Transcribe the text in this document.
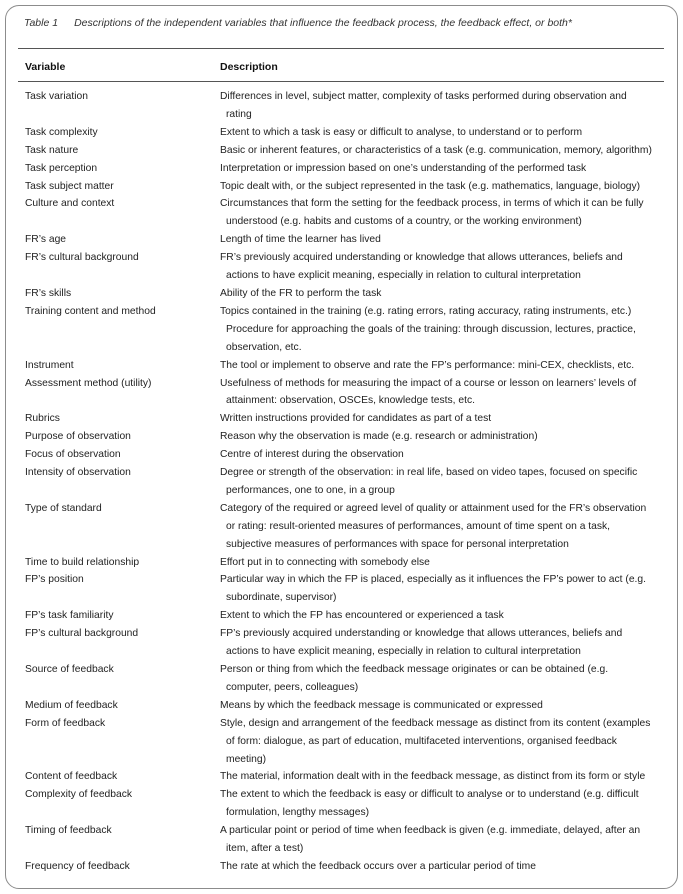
Table 1 Descriptions of the independent variables that influence the feedback process, the feedback effect, or both*
Variable	Description
Task variation	Differences in level, subject matter, complexity of tasks performed during observation and
rating
Task complexity	Extent to which a task is easy or difficult to analyse, to understand or to perform
Task nature	Basic or inherent features, or characteristics of a task (e.g. communication, memory, algorithm)
Task perception	Interpretation or impression based on one’s understanding of the performed task
Task subject matter	Topic dealt with, or the subject represented in the task (e.g. mathematics, language, biology)
Culture and context	Circumstances that form the setting for the feedback process, in terms of which it can be fully
understood (e.g. habits and customs of a country, or the working environment)
FR’s age	Length of time the learner has lived
FR’s cultural background	FR’s previously acquired understanding or knowledge that allows utterances, beliefs and
actions to have explicit meaning, especially in relation to cultural interpretation
FR’s skills	Ability of the FR to perform the task
Training content and method	Topics contained in the training (e.g. rating errors, rating accuracy, rating instruments, etc.)
Procedure for approaching the goals of the training: through discussion, lectures, practice,
observation, etc.
Instrument	The tool or implement to observe and rate the FP’s performance: mini-CEX, checklists, etc.
Assessment method (utility)	Usefulness of methods for measuring the impact of a course or lesson on learners’ levels of
attainment: observation, OSCEs, knowledge tests, etc.
Rubrics	Written instructions provided for candidates as part of a test
Purpose of observation	Reason why the observation is made (e.g. research or administration)
Focus of observation	Centre of interest during the observation
Intensity of observation	Degree or strength of the observation: in real life, based on video tapes, focused on specific
performances, one to one, in a group
Type of standard	Category of the required or agreed level of quality or attainment used for the FR’s observation
or rating: result-oriented measures of performances, amount of time spent on a task,
subjective measures of performances with space for personal interpretation
Time to build relationship	Effort put in to connecting with somebody else
FP’s position	Particular way in which the FP is placed, especially as it influences the FP’s power to act (e.g.
subordinate, supervisor)
FP’s task familiarity	Extent to which the FP has encountered or experienced a task
FP’s cultural background	FP’s previously acquired understanding or knowledge that allows utterances, beliefs and
actions to have explicit meaning, especially in relation to cultural interpretation
Source of feedback	Person or thing from which the feedback message originates or can be obtained (e.g.
computer, peers, colleagues)
Medium of feedback	Means by which the feedback message is communicated or expressed
Form of feedback	Style, design and arrangement of the feedback message as distinct from its content (examples
of form: dialogue, as part of education, multifaceted interventions, organised feedback
meeting)
Content of feedback	The material, information dealt with in the feedback message, as distinct from its form or style
Complexity of feedback	The extent to which the feedback is easy or difficult to analyse or to understand (e.g. difficult
formulation, lengthy messages)
Timing of feedback	A particular point or period of time when feedback is given (e.g. immediate, delayed, after an
item, after a test)
Frequency of feedback	The rate at which the feedback occurs over a particular period of time
